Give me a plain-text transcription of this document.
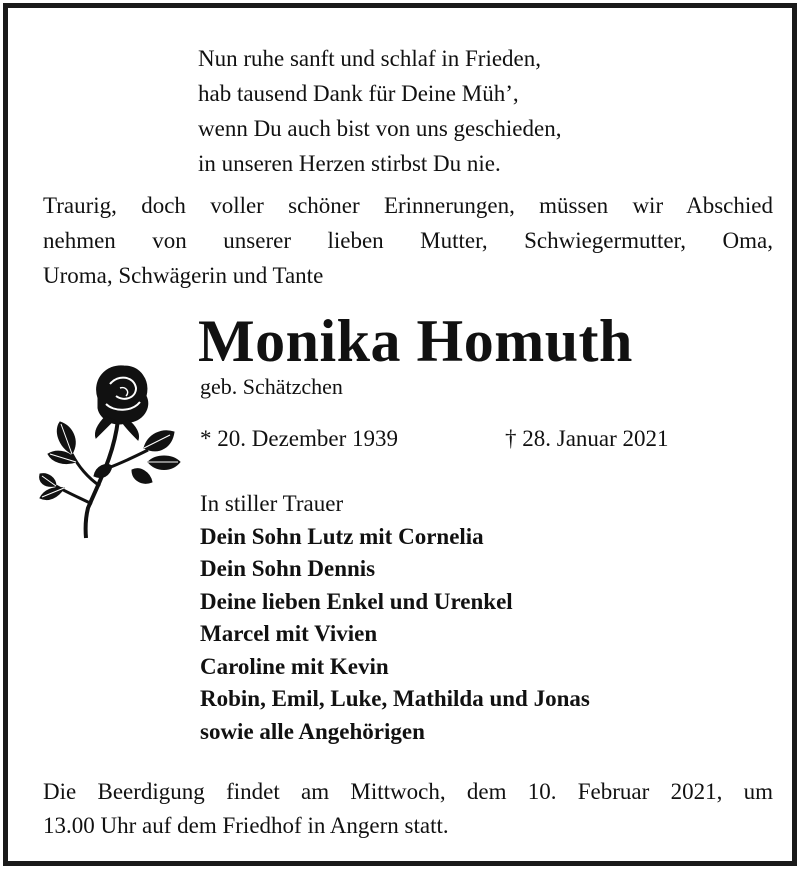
Nun ruhe sanft und schlaf in Frieden,
hab tausend Dank für Deine Müh’,
wenn Du auch bist von uns geschieden,
in unseren Herzen stirbst Du nie.
Traurig, doch voller schöner Erinnerungen, müssen wir Abschied
nehmen von unserer lieben Mutter, Schwiegermutter, Oma,
Uroma, Schwägerin und Tante
Monika Homuth
geb. Schätzchen
* 20. Dezember 1939	† 28. Januar 2021
In stiller Trauer
Dein Sohn Lutz mit Cornelia
Dein Sohn Dennis
Deine lieben Enkel und Urenkel
Marcel mit Vivien
Caroline mit Kevin
Robin, Emil, Luke, Mathilda und Jonas
sowie alle Angehörigen
Die Beerdigung findet am Mittwoch, dem 10. Februar 2021, um
13.00 Uhr auf dem Friedhof in Angern statt.
